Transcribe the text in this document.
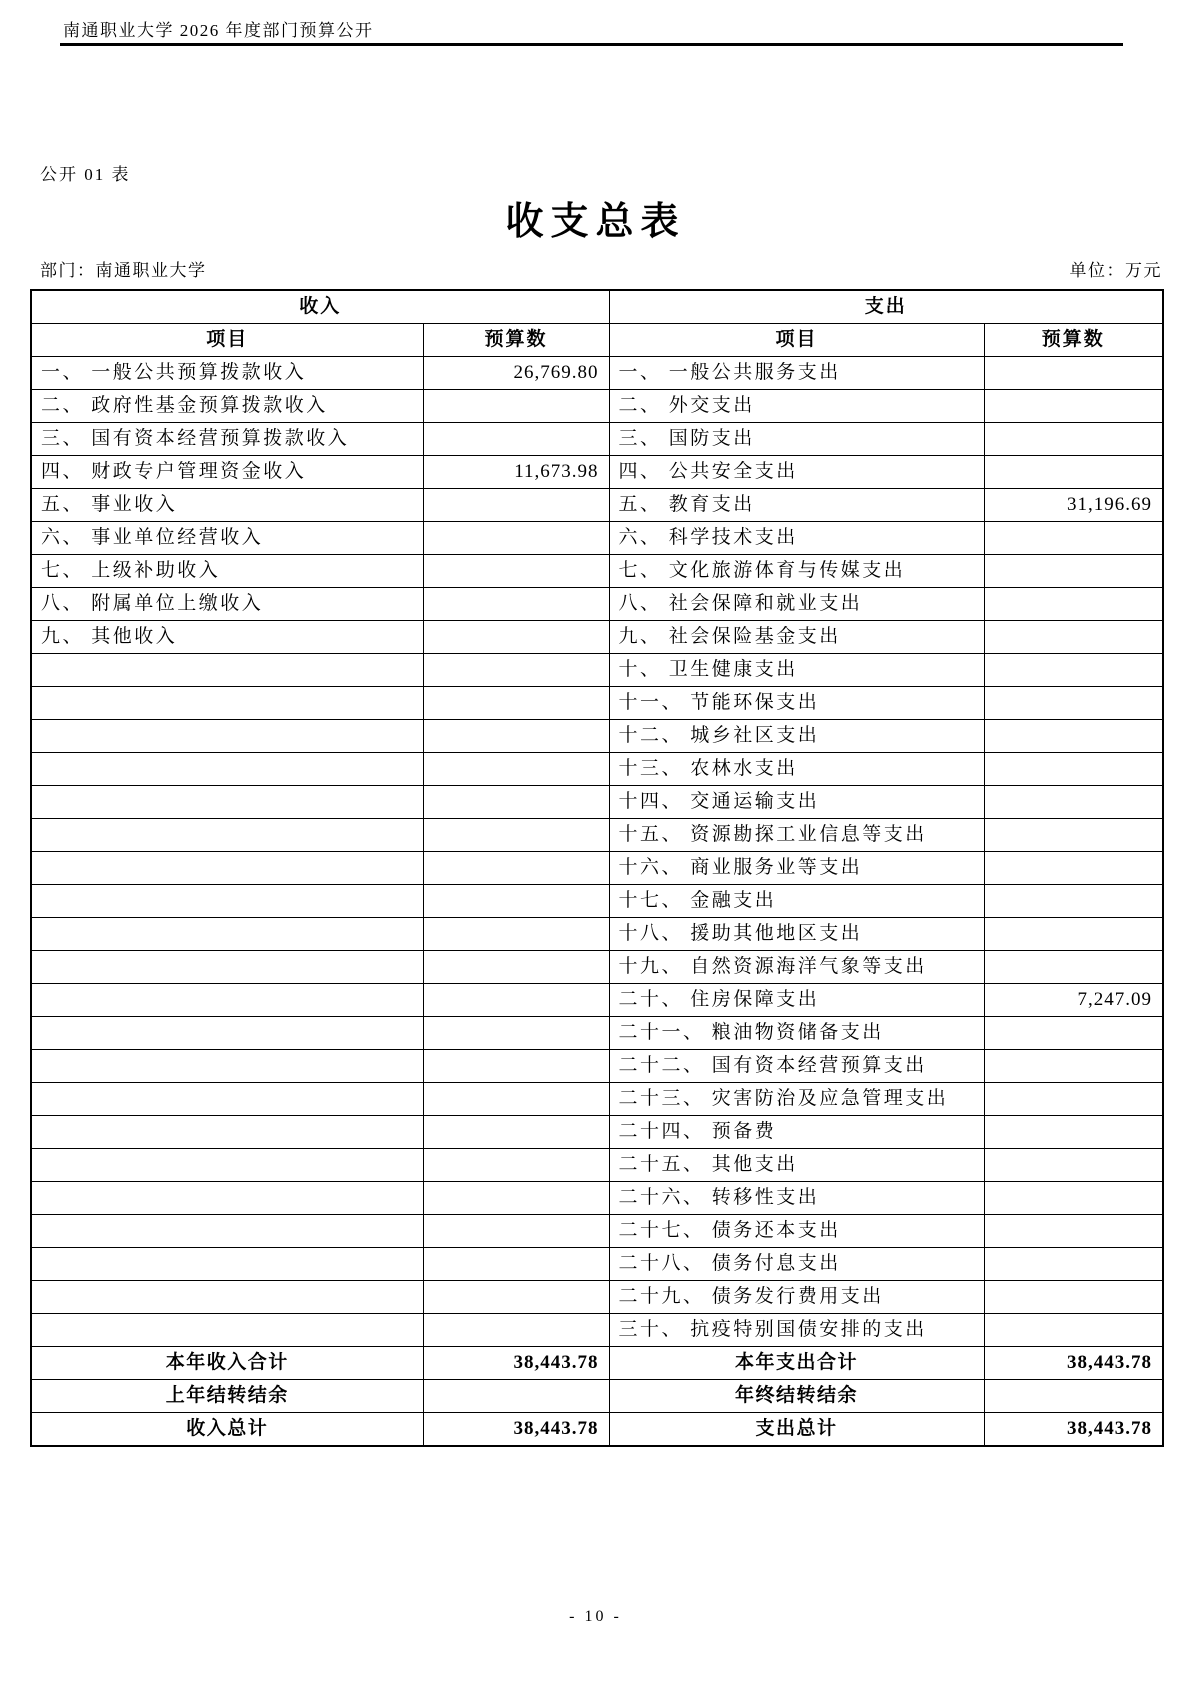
南通职业大学 2026 年度部门预算公开
公开 01 表
收支总表
部门：南通职业大学	单位：万元
收入		支出	
项目	预算数	项目	预算数
一、 一般公共预算拨款收入	26,769.80	一、 一般公共服务支出	
二、 政府性基金预算拨款收入		二、 外交支出	
三、 国有资本经营预算拨款收入		三、 国防支出	
四、 财政专户管理资金收入	11,673.98	四、 公共安全支出	
五、 事业收入		五、 教育支出	31,196.69
六、 事业单位经营收入		六、 科学技术支出	
七、 上级补助收入		七、 文化旅游体育与传媒支出	
八、 附属单位上缴收入		八、 社会保障和就业支出	
九、 其他收入		九、 社会保险基金支出	
		十、 卫生健康支出	
		十一、 节能环保支出	
		十二、 城乡社区支出	
		十三、 农林水支出	
		十四、 交通运输支出	
		十五、 资源勘探工业信息等支出	
		十六、 商业服务业等支出	
		十七、 金融支出	
		十八、 援助其他地区支出	
		十九、 自然资源海洋气象等支出	
		二十、 住房保障支出	7,247.09
		二十一、 粮油物资储备支出	
		二十二、 国有资本经营预算支出	
		二十三、 灾害防治及应急管理支出	
		二十四、 预备费	
		二十五、 其他支出	
		二十六、 转移性支出	
		二十七、 债务还本支出	
		二十八、 债务付息支出	
		二十九、 债务发行费用支出	
		三十、 抗疫特别国债安排的支出	
本年收入合计	38,443.78	本年支出合计	38,443.78
上年结转结余		年终结转结余	
收入总计	38,443.78	支出总计	38,443.78
- 10 -
